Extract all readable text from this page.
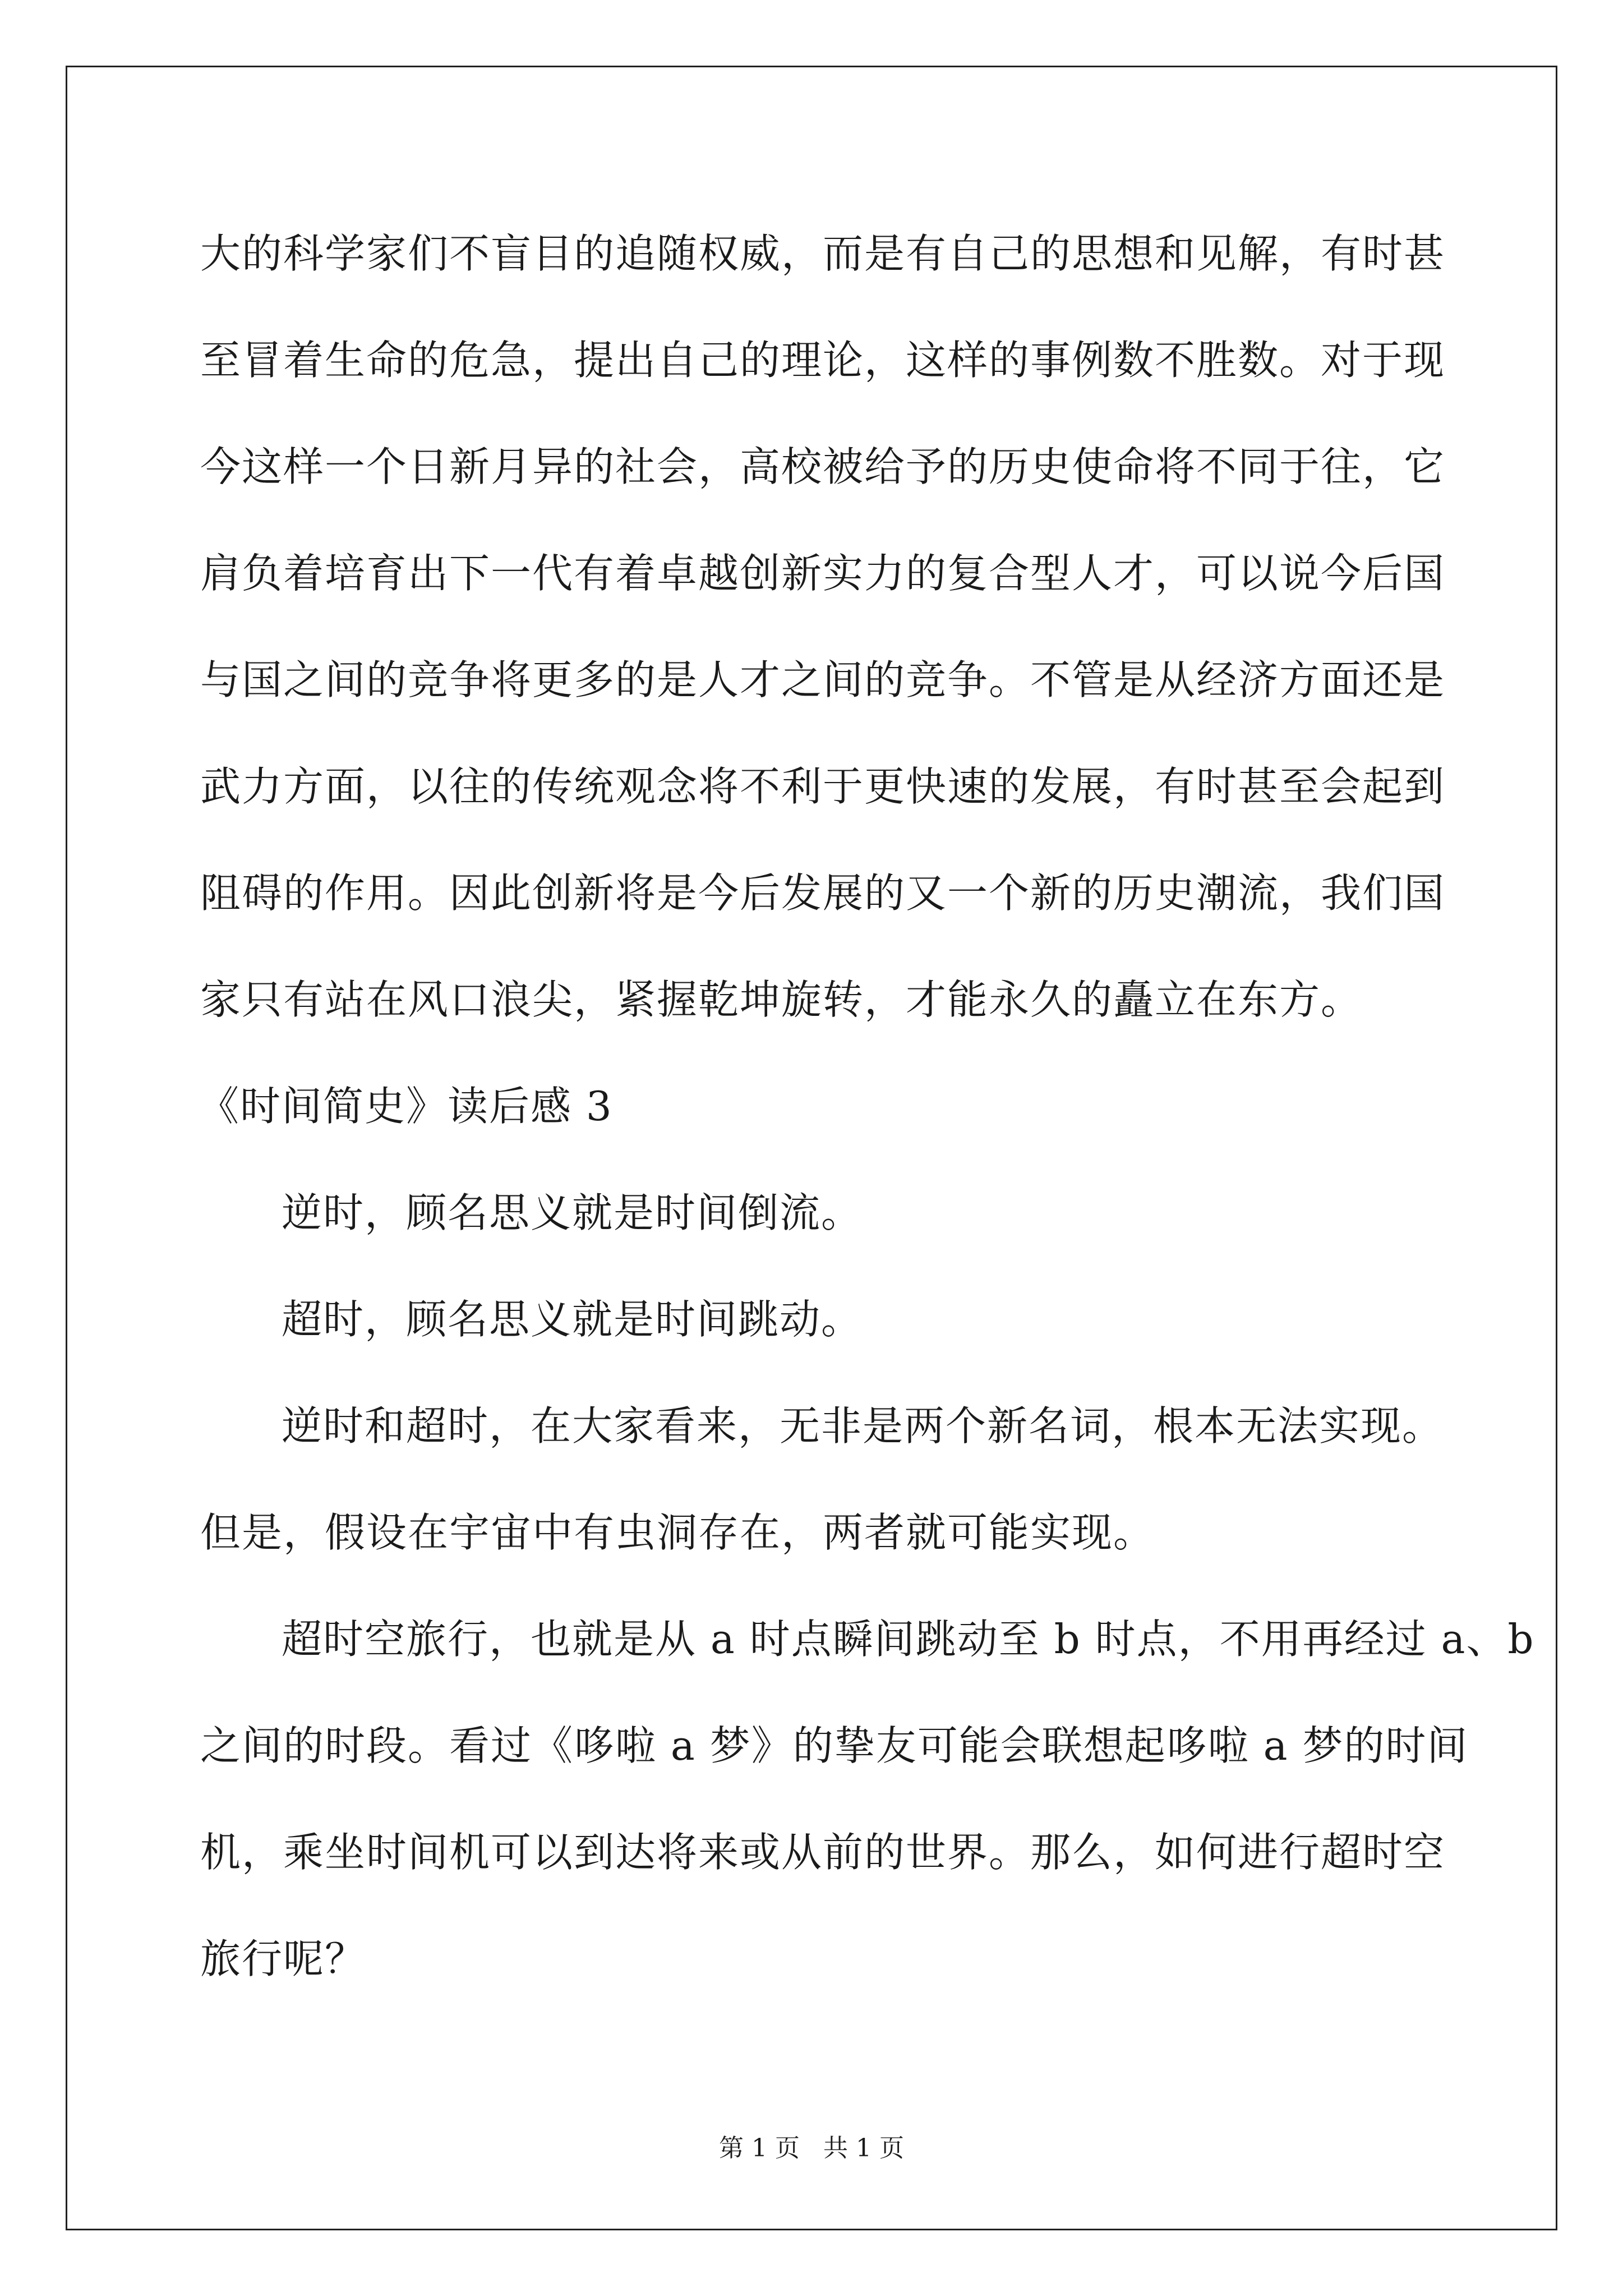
大的科学家们不盲目的追随权威，而是有自己的思想和见解，有时甚
至冒着生命的危急，提出自己的理论，这样的事例数不胜数。对于现
今这样一个日新月异的社会，高校被给予的历史使命将不同于往，它
肩负着培育出下一代有着卓越创新实力的复合型人才，可以说今后国
与国之间的竞争将更多的是人才之间的竞争。不管是从经济方面还是
武力方面，以往的传统观念将不利于更快速的发展，有时甚至会起到
阻碍的作用。因此创新将是今后发展的又一个新的历史潮流，我们国
家只有站在风口浪尖，紧握乾坤旋转，才能永久的矗立在东方。
《时间简史》读后感 3
逆时，顾名思义就是时间倒流。
超时，顾名思义就是时间跳动。
逆时和超时，在大家看来，无非是两个新名词，根本无法实现。
但是，假设在宇宙中有虫洞存在，两者就可能实现。
超时空旅行，也就是从 a 时点瞬间跳动至 b 时点，不用再经过 a、b
之间的时段。看过《哆啦 a 梦》的挚友可能会联想起哆啦 a 梦的时间
机，乘坐时间机可以到达将来或从前的世界。那么，如何进行超时空
旅行呢？
第 1 页   共 1 页
